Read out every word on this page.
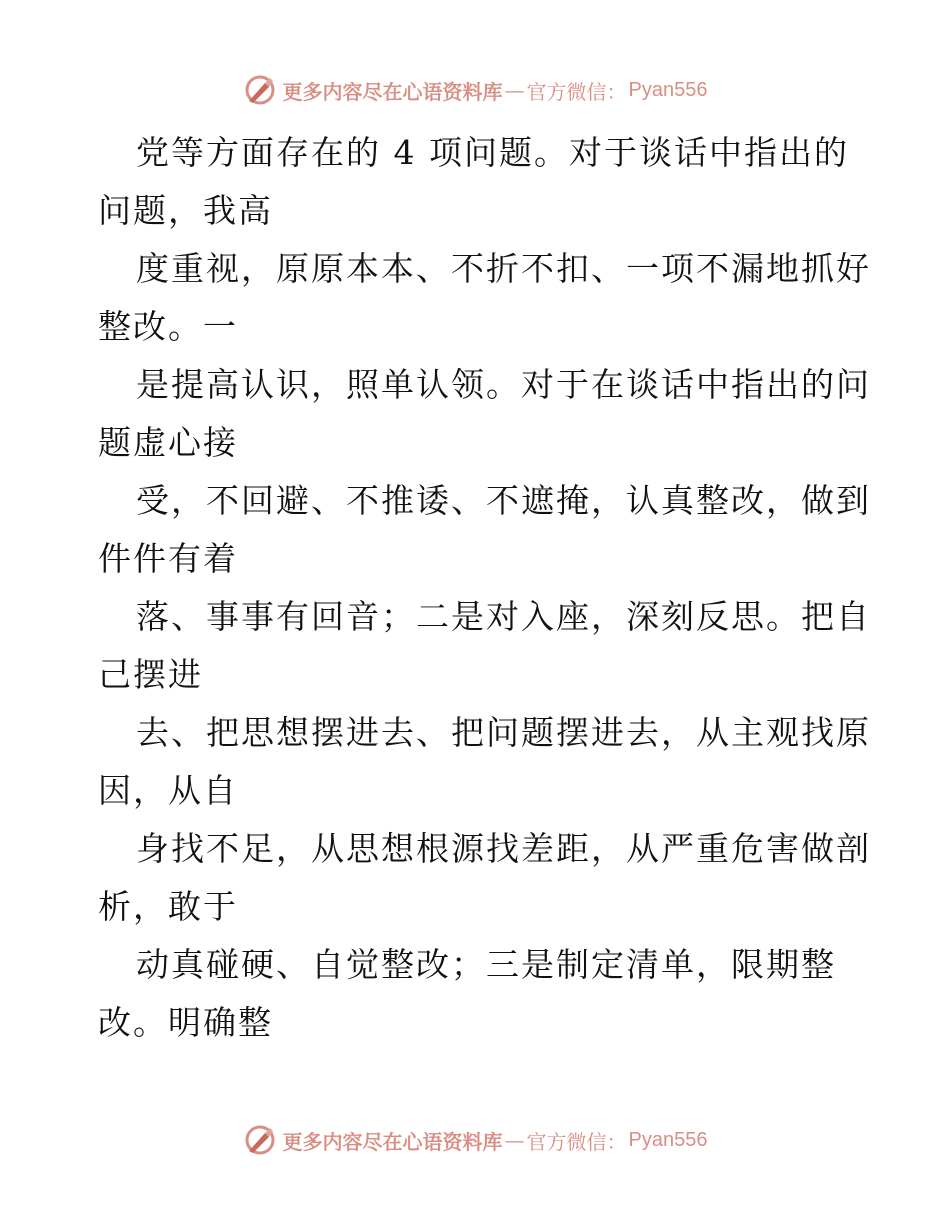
更多内容尽在心语资料库 — 官方微信： Pyan556
党等方面存在的 4 项问题。对于谈话中指出的
问题，我高
度重视，原原本本、不折不扣、一项不漏地抓好
整改。一
是提高认识，照单认领。对于在谈话中指出的问
题虚心接
受，不回避、不推诿、不遮掩，认真整改，做到
件件有着
落、事事有回音；二是对入座，深刻反思。把自
己摆进
去、把思想摆进去、把问题摆进去，从主观找原
因，从自
身找不足，从思想根源找差距，从严重危害做剖
析，敢于
动真碰硬、自觉整改；三是制定清单，限期整
改。明确整
更多内容尽在心语资料库 — 官方微信： Pyan556
